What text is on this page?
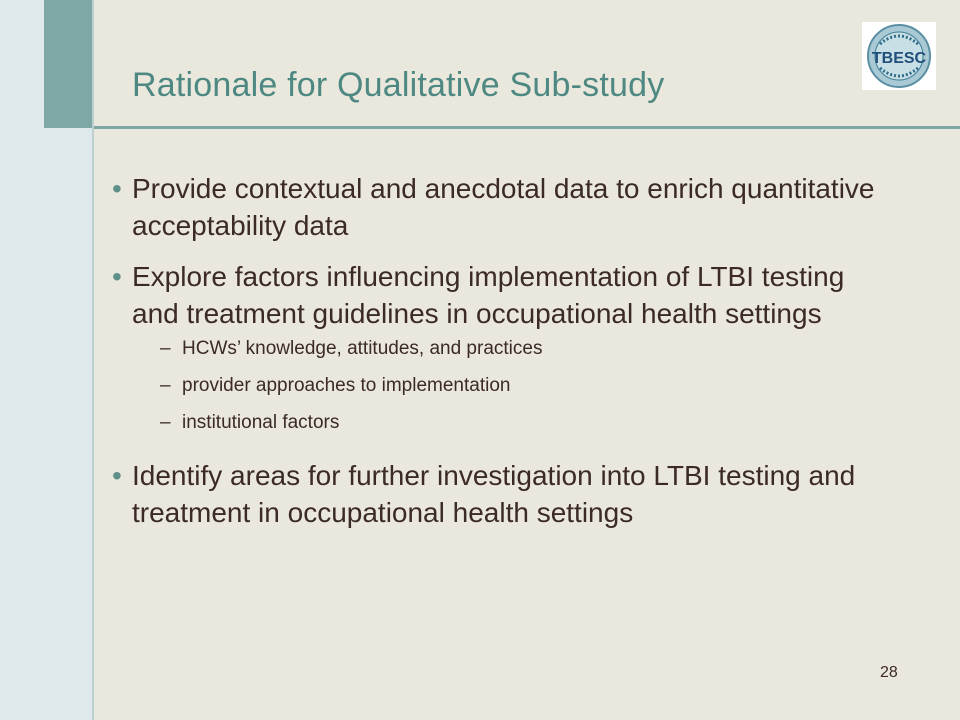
Rationale for Qualitative Sub-study
TBESC
• Provide contextual and anecdotal data to enrich quantitative acceptability data
• Explore factors influencing implementation of LTBI testing and treatment guidelines in occupational health settings
– HCWs’ knowledge, attitudes, and practices
– provider approaches to implementation
– institutional factors
• Identify areas for further investigation into LTBI testing and treatment in occupational health settings
28
